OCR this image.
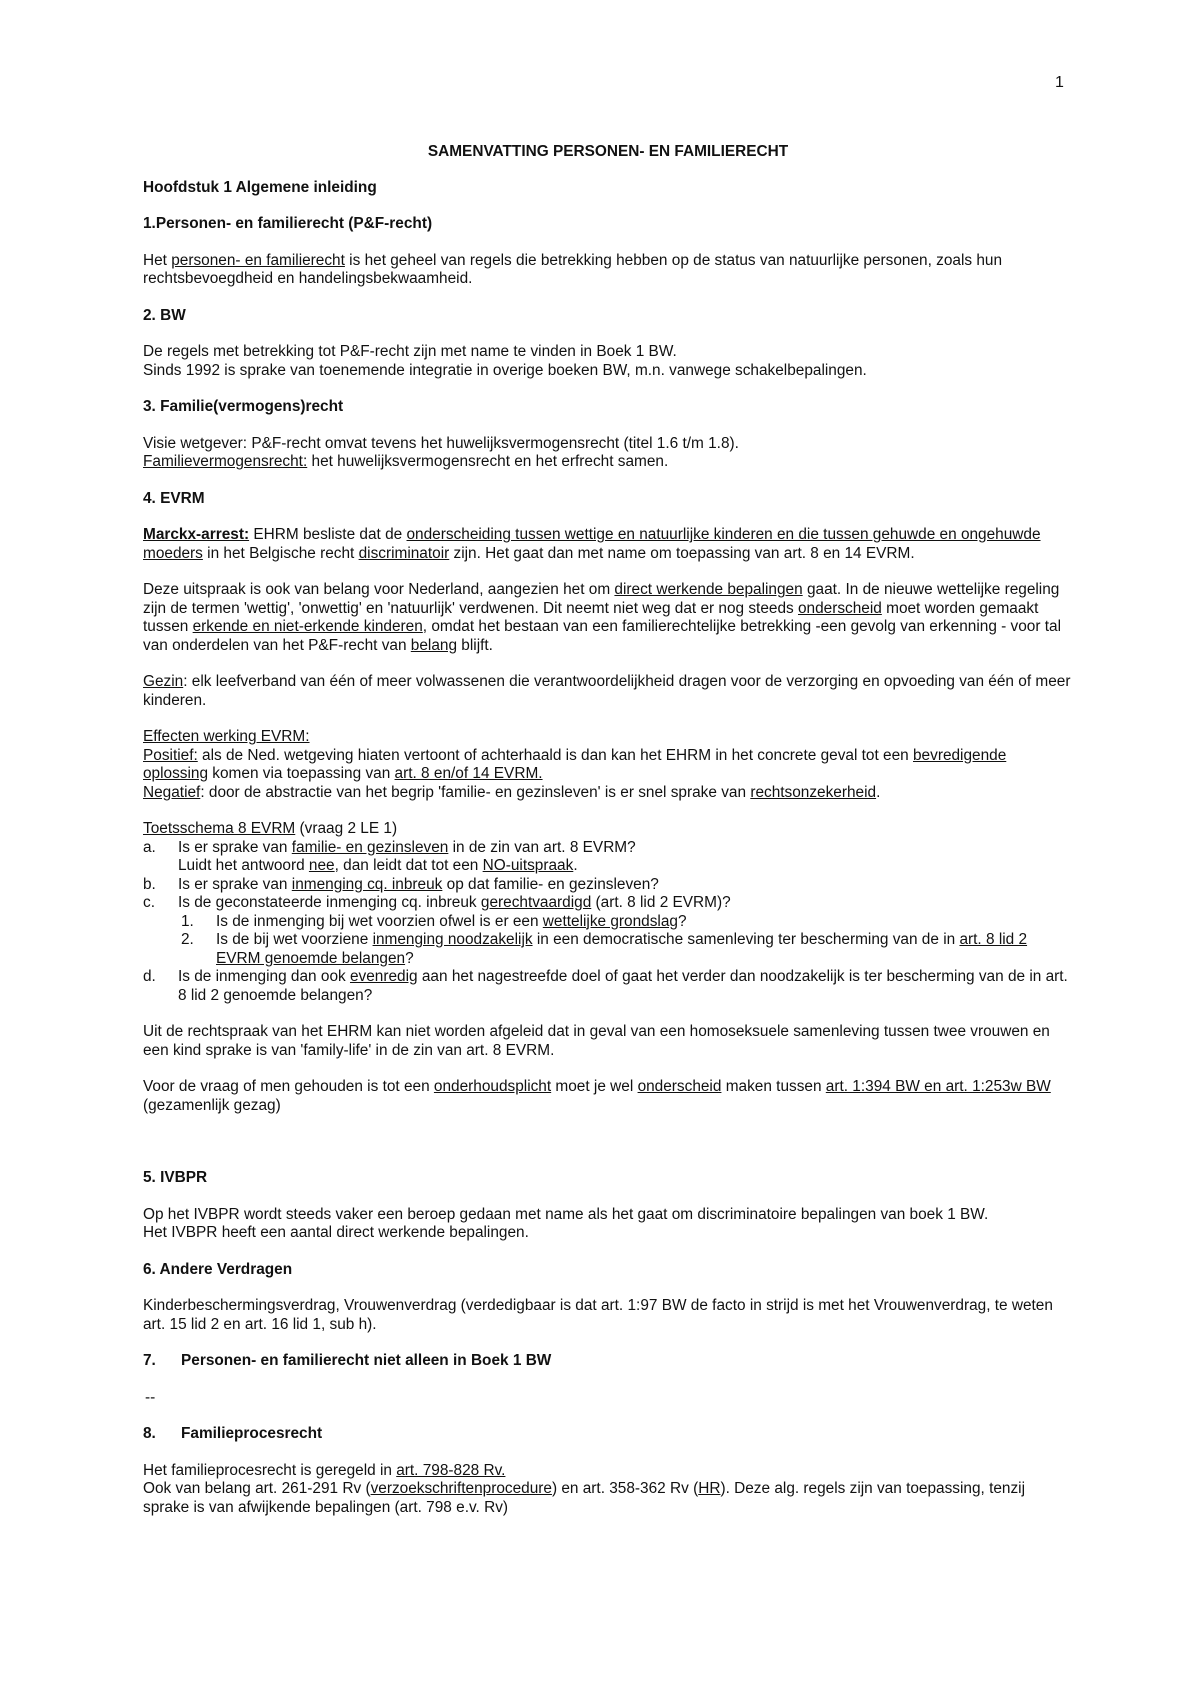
1
SAMENVATTING PERSONEN- EN FAMILIERECHT
Hoofdstuk 1 Algemene inleiding
1.Personen- en familierecht (P&F-recht)
Het personen- en familierecht is het geheel van regels die betrekking hebben op de status van natuurlijke personen, zoals hun rechtsbevoegdheid en handelingsbekwaamheid.
2. BW
De regels met betrekking tot P&F-recht zijn met name te vinden in Boek 1 BW.
Sinds 1992 is sprake van toenemende integratie in overige boeken BW, m.n. vanwege schakelbepalingen.
3. Familie(vermogens)recht
Visie wetgever: P&F-recht omvat tevens het huwelijksvermogensrecht (titel 1.6 t/m 1.8).
Familievermogensrecht: het huwelijksvermogensrecht en het erfrecht samen.
4. EVRM
Marckx-arrest: EHRM besliste dat de onderscheiding tussen wettige en natuurlijke kinderen en die tussen gehuwde en ongehuwde moeders in het Belgische recht discriminatoir zijn. Het gaat dan met name om toepassing van art. 8 en 14 EVRM.
Deze uitspraak is ook van belang voor Nederland, aangezien het om direct werkende bepalingen gaat. In de nieuwe wettelijke regeling zijn de termen 'wettig', 'onwettig' en 'natuurlijk' verdwenen. Dit neemt niet weg dat er nog steeds onderscheid moet worden gemaakt tussen erkende en niet-erkende kinderen, omdat het bestaan van een familierechtelijke betrekking -een gevolg van erkenning - voor tal van onderdelen van het P&F-recht van belang blijft.
Gezin: elk leefverband van één of meer volwassenen die verantwoordelijkheid dragen voor de verzorging en opvoeding van één of meer kinderen.
Effecten werking EVRM:
Positief: als de Ned. wetgeving hiaten vertoont of achterhaald is dan kan het EHRM in het concrete geval tot een bevredigende oplossing komen via toepassing van art. 8 en/of 14 EVRM.
Negatief: door de abstractie van het begrip 'familie- en gezinsleven' is er snel sprake van rechtsonzekerheid.
Toetsschema 8 EVRM (vraag 2 LE 1)
a. Is er sprake van familie- en gezinsleven in de zin van art. 8 EVRM?
Luidt het antwoord nee, dan leidt dat tot een NO-uitspraak.
b. Is er sprake van inmenging cq. inbreuk op dat familie- en gezinsleven?
c. Is de geconstateerde inmenging cq. inbreuk gerechtvaardigd (art. 8 lid 2 EVRM)?
1. Is de inmenging bij wet voorzien ofwel is er een wettelijke grondslag?
2. Is de bij wet voorziene inmenging noodzakelijk in een democratische samenleving ter bescherming van de in art. 8 lid 2 EVRM genoemde belangen?
d. Is de inmenging dan ook evenredig aan het nagestreefde doel of gaat het verder dan noodzakelijk is ter bescherming van de in art. 8 lid 2 genoemde belangen?
Uit de rechtspraak van het EHRM kan niet worden afgeleid dat in geval van een homoseksuele samenleving tussen twee vrouwen en een kind sprake is van 'family-life' in de zin van art. 8 EVRM.
Voor de vraag of men gehouden is tot een onderhoudsplicht moet je wel onderscheid maken tussen art. 1:394 BW en art. 1:253w BW (gezamenlijk gezag)
5. IVBPR
Op het IVBPR wordt steeds vaker een beroep gedaan met name als het gaat om discriminatoire bepalingen van boek 1 BW.
Het IVBPR heeft een aantal direct werkende bepalingen.
6. Andere Verdragen
Kinderbeschermingsverdrag, Vrouwenverdrag (verdedigbaar is dat art. 1:97 BW de facto in strijd is met het Vrouwenverdrag, te weten art. 15 lid 2 en art. 16 lid 1, sub h).
7. Personen- en familierecht niet alleen in Boek 1 BW
--
8. Familieprocesrecht
Het familieprocesrecht is geregeld in art. 798-828 Rv.
Ook van belang art. 261-291 Rv (verzoekschriftenprocedure) en art. 358-362 Rv (HR). Deze alg. regels zijn van toepassing, tenzij sprake is van afwijkende bepalingen (art. 798 e.v. Rv)
